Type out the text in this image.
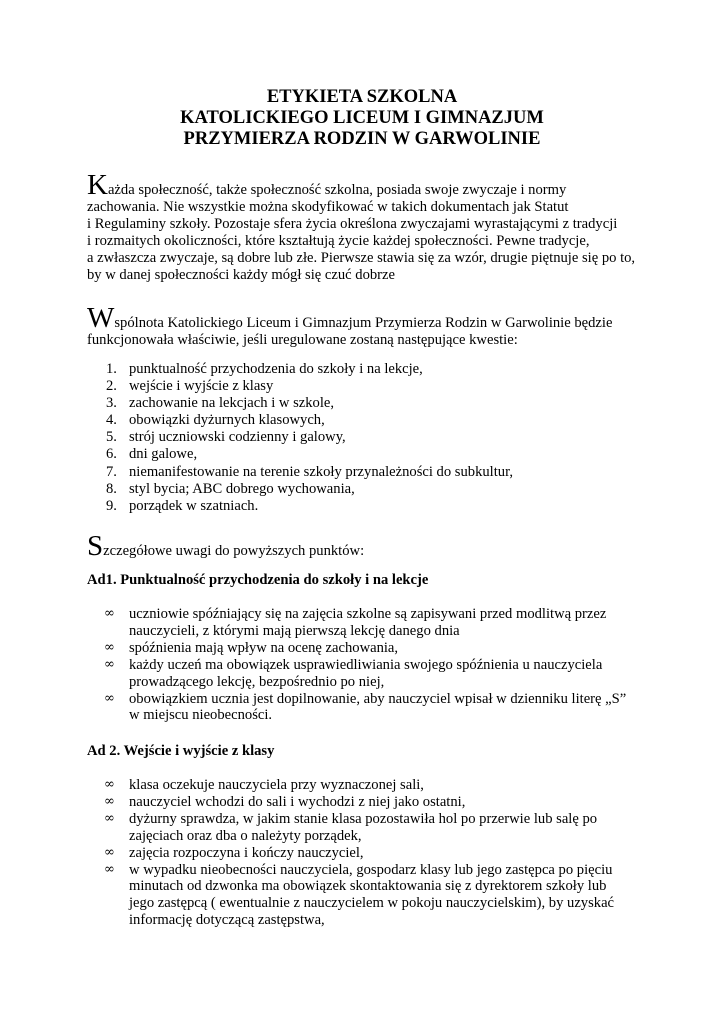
ETYKIETA SZKOLNA
KATOLICKIEGO LICEUM I GIMNAZJUM
PRZYMIERZA RODZIN W GARWOLINIE
Każda społeczność, także społeczność szkolna, posiada swoje zwyczaje i normy
zachowania. Nie wszystkie można skodyfikować w takich dokumentach jak Statut
i Regulaminy szkoły. Pozostaje sfera życia określona zwyczajami wyrastającymi z tradycji
i rozmaitych okoliczności, które kształtują życie każdej społeczności. Pewne tradycje,
a zwłaszcza zwyczaje, są dobre lub złe. Pierwsze stawia się za wzór, drugie piętnuje się po to,
by w danej społeczności każdy mógł się czuć dobrze
Wspólnota Katolickiego Liceum i Gimnazjum Przymierza Rodzin w Garwolinie będzie
funkcjonowała właściwie, jeśli uregulowane zostaną następujące kwestie:
1. punktualność przychodzenia do szkoły i na lekcje,
2. wejście i wyjście z klasy
3. zachowanie na lekcjach i w szkole,
4. obowiązki dyżurnych klasowych,
5. strój uczniowski codzienny i galowy,
6. dni galowe,
7. niemanifestowanie na terenie szkoły przynależności do subkultur,
8. styl bycia; ABC dobrego wychowania,
9. porządek w szatniach.
Szczegółowe uwagi do powyższych punktów:
Ad1. Punktualność przychodzenia do szkoły i na lekcje
∞ uczniowie spóźniający się na zajęcia szkolne są zapisywani przed modlitwą przez
nauczycieli, z którymi mają pierwszą lekcję danego dnia
∞ spóźnienia mają wpływ na ocenę zachowania,
∞ każdy uczeń ma obowiązek usprawiedliwiania swojego spóźnienia u nauczyciela
prowadzącego lekcję, bezpośrednio po niej,
∞ obowiązkiem ucznia jest dopilnowanie, aby nauczyciel wpisał w dzienniku literę „S”
w miejscu nieobecności.
Ad 2. Wejście i wyjście z klasy
∞ klasa oczekuje nauczyciela przy wyznaczonej sali,
∞ nauczyciel wchodzi do sali i wychodzi z niej jako ostatni,
∞ dyżurny sprawdza, w jakim stanie klasa pozostawiła hol po przerwie lub salę po
zajęciach oraz dba o należyty porządek,
∞ zajęcia rozpoczyna i kończy nauczyciel,
∞ w wypadku nieobecności nauczyciela, gospodarz klasy lub jego zastępca po pięciu
minutach od dzwonka ma obowiązek skontaktowania się z dyrektorem szkoły lub
jego zastępcą ( ewentualnie z nauczycielem w pokoju nauczycielskim), by uzyskać
informację dotyczącą zastępstwa,
